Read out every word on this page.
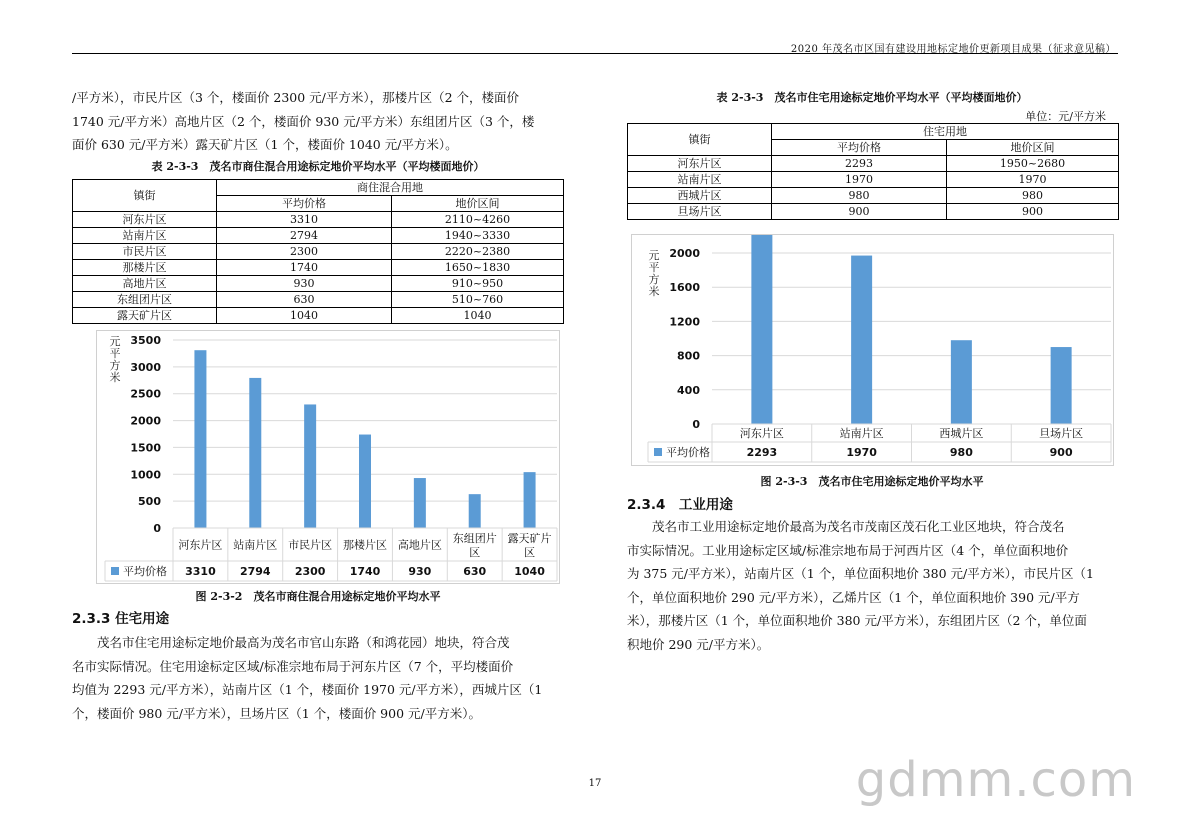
2020 年茂名市区国有建设用地标定地价更新项目成果（征求意见稿）

/平方米），市民片区（3 个，楼面价 2300 元/平方米），那楼片区（2 个，楼面价

1740 元/平方米）高地片区（2 个，楼面价 930 元/平方米）东组团片区（3 个，楼

面价 630 元/平方米）露天矿片区（1 个，楼面价 1040 元/平方米）。

表 2-3-3　茂名市商住混合用途标定地价平均水平（平均楼面地价）
镇街	商住混合用地	
	平均价格	地价区间
河东片区	3310	2110~4260
站南片区	2794	1940~3330
市民片区	2300	2220~2380
那楼片区	1740	1650~1830
高地片区	930	910~950
东组团片区	630	510~760
露天矿片区	1040	1040
元
平
方
米
0
500
1000
1500
2000
2500
3000
3500
河东片区
3310
站南片区
2794
市民片区
2300
那楼片区
1740
高地片区
930
东组团片
区
630
露天矿片
区
1040
平均价格
图 2-3-2　茂名市商住混合用途标定地价平均水平
2.3.3 住宅用途

　　茂名市住宅用途标定地价最高为茂名市官山东路（和鸿花园）地块，符合茂

名市实际情况。住宅用途标定区域/标准宗地布局于河东片区（7 个，平均楼面价

均值为 2293 元/平方米），站南片区（1 个，楼面价 1970 元/平方米），西城片区（1

个，楼面价 980 元/平方米），旦场片区（1 个，楼面价 900 元/平方米）。

表 2-3-3　茂名市住宅用途标定地价平均水平（平均楼面地价）
单位：元/平方米
镇街	住宅用地	
	平均价格	地价区间
河东片区	2293	1950~2680
站南片区	1970	1970
西城片区	980	980
旦场片区	900	900
元
平
方
米
0
400
800
1200
1600
2000
河东片区
2293
站南片区
1970
西城片区
980
旦场片区
900
平均价格
图 2-3-3　茂名市住宅用途标定地价平均水平
2.3.4　工业用途

　　茂名市工业用途标定地价最高为茂名市茂南区茂石化工业区地块，符合茂名

市实际情况。工业用途标定区域/标准宗地布局于河西片区（4 个，单位面积地价

为 375 元/平方米），站南片区（1 个，单位面积地价 380 元/平方米），市民片区（1

个，单位面积地价 290 元/平方米），乙烯片区（1 个，单位面积地价 390 元/平方

米），那楼片区（1 个，单位面积地价 380 元/平方米），东组团片区（2 个，单位面

积地价 290 元/平方米）。

17	gdmm.com
